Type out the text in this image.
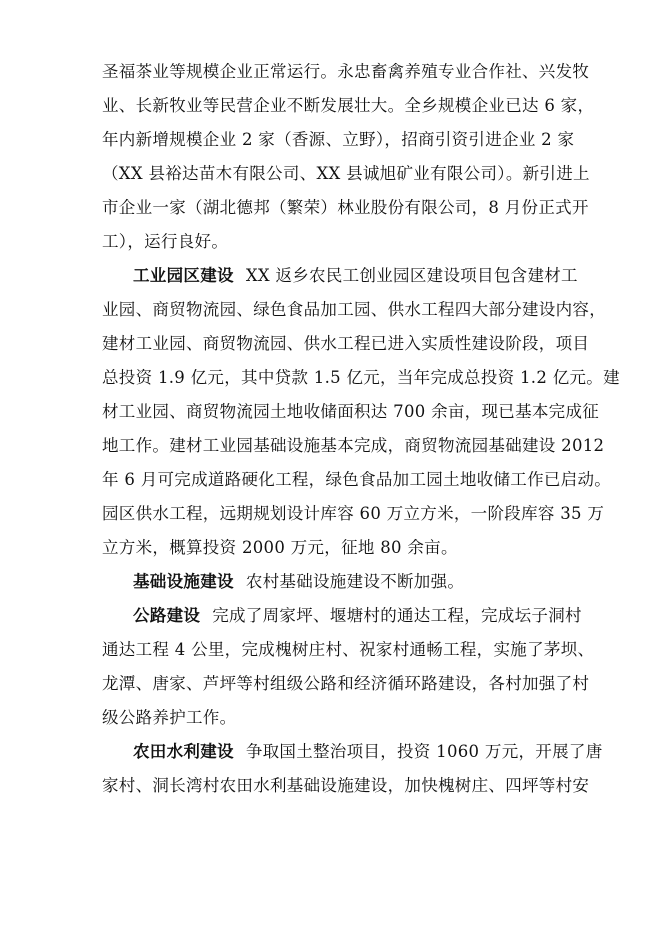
圣福茶业等规模企业正常运行。永忠畜禽养殖专业合作社、兴发牧
业、长新牧业等民营企业不断发展壮大。全乡规模企业已达 6 家，
年内新增规模企业 2 家（香源、立野），招商引资引进企业 2 家
（XX 县裕达苗木有限公司、XX 县诚旭矿业有限公司）。新引进上
市企业一家（湖北德邦（繁荣）林业股份有限公司，8 月份正式开
工），运行良好。
工业园区建设 XX 返乡农民工创业园区建设项目包含建材工
业园、商贸物流园、绿色食品加工园、供水工程四大部分建设内容，
建材工业园、商贸物流园、供水工程已进入实质性建设阶段，项目
总投资 1.9 亿元，其中贷款 1.5 亿元，当年完成总投资 1.2 亿元。建
材工业园、商贸物流园土地收储面积达 700 余亩，现已基本完成征
地工作。建材工业园基础设施基本完成，商贸物流园基础建设 2012
年 6 月可完成道路硬化工程，绿色食品加工园土地收储工作已启动。
园区供水工程，远期规划设计库容 60 万立方米，一阶段库容 35 万
立方米，概算投资 2000 万元，征地 80 余亩。
基础设施建设 农村基础设施建设不断加强。
公路建设 完成了周家坪、堰塘村的通达工程，完成坛子洞村
通达工程 4 公里，完成槐树庄村、祝家村通畅工程，实施了茅坝、
龙潭、唐家、芦坪等村组级公路和经济循环路建设，各村加强了村
级公路养护工作。
农田水利建设 争取国土整治项目，投资 1060 万元，开展了唐
家村、洞长湾村农田水利基础设施建设，加快槐树庄、四坪等村安
